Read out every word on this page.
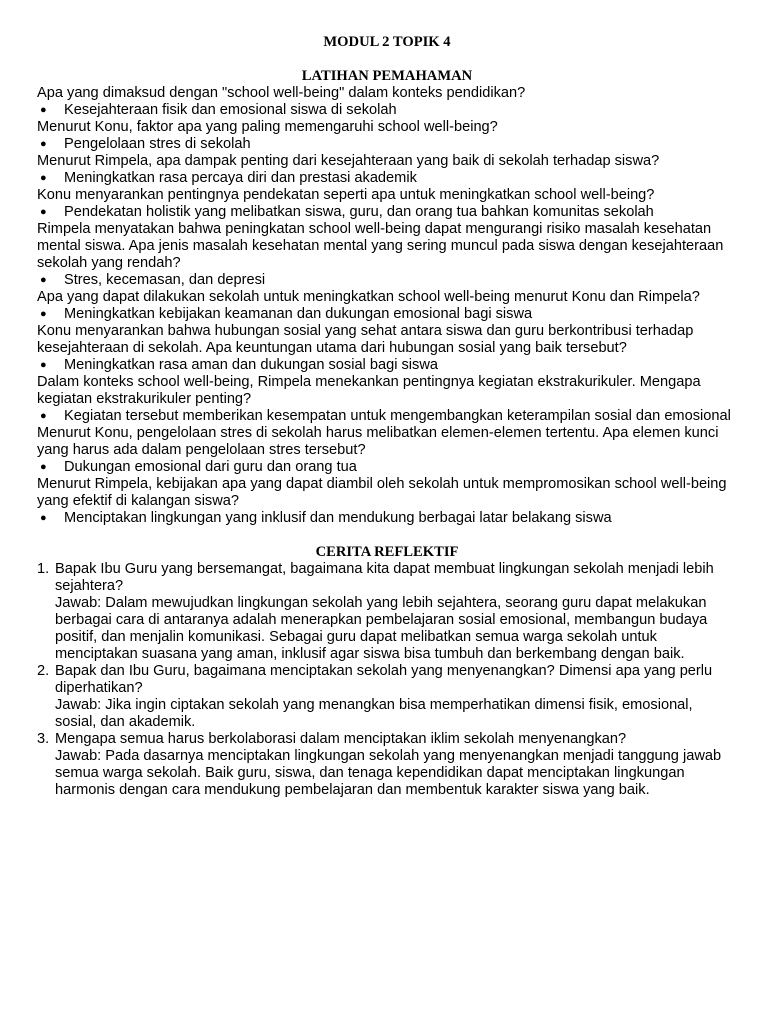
MODUL 2 TOPIK 4

LATIHAN PEMAHAMAN

Apa yang dimaksud dengan "school well-being" dalam konteks pendidikan?

●	Kesejahteraan fisik dan emosional siswa di sekolah

Menurut Konu, faktor apa yang paling memengaruhi school well-being?

●	Pengelolaan stres di sekolah

Menurut Rimpela, apa dampak penting dari kesejahteraan yang baik di sekolah terhadap siswa?

●	Meningkatkan rasa percaya diri dan prestasi akademik

Konu menyarankan pentingnya pendekatan seperti apa untuk meningkatkan school well-being?

●	Pendekatan holistik yang melibatkan siswa, guru, dan orang tua bahkan komunitas sekolah

Rimpela menyatakan bahwa peningkatan school well-being dapat mengurangi risiko masalah kesehatan mental siswa. Apa jenis masalah kesehatan mental yang sering muncul pada siswa dengan kesejahteraan sekolah yang rendah?

●	Stres, kecemasan, dan depresi

Apa yang dapat dilakukan sekolah untuk meningkatkan school well-being menurut Konu dan Rimpela?

●	Meningkatkan kebijakan keamanan dan dukungan emosional bagi siswa

Konu menyarankan bahwa hubungan sosial yang sehat antara siswa dan guru berkontribusi terhadap kesejahteraan di sekolah. Apa keuntungan utama dari hubungan sosial yang baik tersebut?

●	Meningkatkan rasa aman dan dukungan sosial bagi siswa

Dalam konteks school well-being, Rimpela menekankan pentingnya kegiatan ekstrakurikuler. Mengapa kegiatan ekstrakurikuler penting?

●	Kegiatan tersebut memberikan kesempatan untuk mengembangkan keterampilan sosial dan emosional

Menurut Konu, pengelolaan stres di sekolah harus melibatkan elemen-elemen tertentu. Apa elemen kunci yang harus ada dalam pengelolaan stres tersebut?

●	Dukungan emosional dari guru dan orang tua

Menurut Rimpela, kebijakan apa yang dapat diambil oleh sekolah untuk mempromosikan school well-being yang efektif di kalangan siswa?

●	Menciptakan lingkungan yang inklusif dan mendukung berbagai latar belakang siswa

CERITA REFLEKTIF

1. Bapak Ibu Guru yang bersemangat, bagaimana kita dapat membuat lingkungan sekolah menjadi lebih sejahtera?

Jawab: Dalam mewujudkan lingkungan sekolah yang lebih sejahtera, seorang guru dapat melakukan berbagai cara di antaranya adalah menerapkan pembelajaran sosial emosional, membangun budaya positif, dan menjalin komunikasi. Sebagai guru dapat melibatkan semua warga sekolah untuk menciptakan suasana yang aman, inklusif agar siswa bisa tumbuh dan berkembang dengan baik.

2. Bapak dan Ibu Guru, bagaimana menciptakan sekolah yang menyenangkan? Dimensi apa yang perlu diperhatikan?

Jawab: Jika ingin ciptakan sekolah yang menangkan bisa memperhatikan dimensi fisik, emosional, sosial, dan akademik.

3. Mengapa semua harus berkolaborasi dalam menciptakan iklim sekolah menyenangkan?

Jawab: Pada dasarnya menciptakan lingkungan sekolah yang menyenangkan menjadi tanggung jawab semua warga sekolah. Baik guru, siswa, dan tenaga kependidikan dapat menciptakan lingkungan harmonis dengan cara mendukung pembelajaran dan membentuk karakter siswa yang baik.
